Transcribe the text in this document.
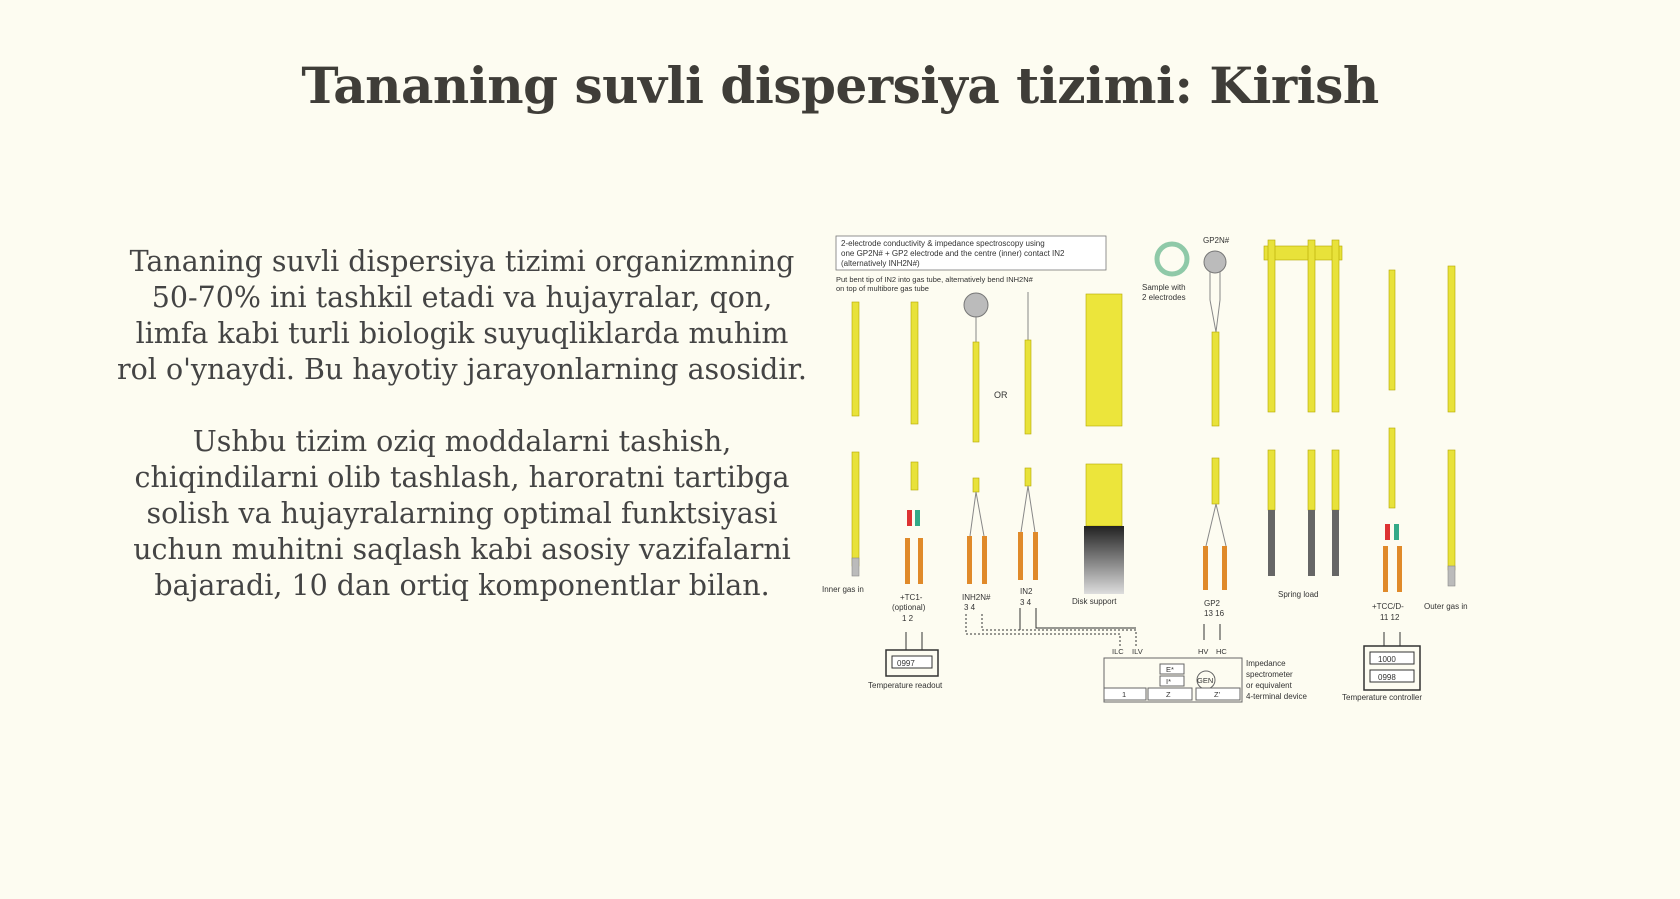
Tananing suvli dispersiya tizimi: Kirish

Tananing suvli dispersiya tizimi organizmning 50-70% ini tashkil etadi va hujayralar, qon, limfa kabi turli biologik suyuqliklarda muhim rol o'ynaydi. Bu hayotiy jarayonlarning asosidir.

Ushbu tizim oziq moddalarni tashish, chiqindilarni olib tashlash, haroratni tartibga solish va hujayralarning optimal funktsiyasi uchun muhitni saqlash kabi asosiy vazifalarni bajaradi, 10 dan ortiq komponentlar bilan.

2-electrode conductivity & impedance spectroscopy using
one GP2N# + GP2 electrode and the centre (inner) contact IN2
(alternatively INH2N#)
Put bent tip of IN2 into gas tube, alternatively bend INH2N#
on top of multibore gas tube
OR
Sample with
2 electrodes
GP2N#
Inner gas in
+TC1-
(optional)
1 2
INH2N#
3 4
IN2
3 4	Disk support	GP2
13 16
Spring load
+TCC/D-
11 12
Outer gas in
0997
Temperature readout
ILC ILV	HV HC
E*
I*	GEN
1	Z	Z'
Impedance
spectrometer
or equivalent
4-terminal device
1000
0998
Temperature controller
